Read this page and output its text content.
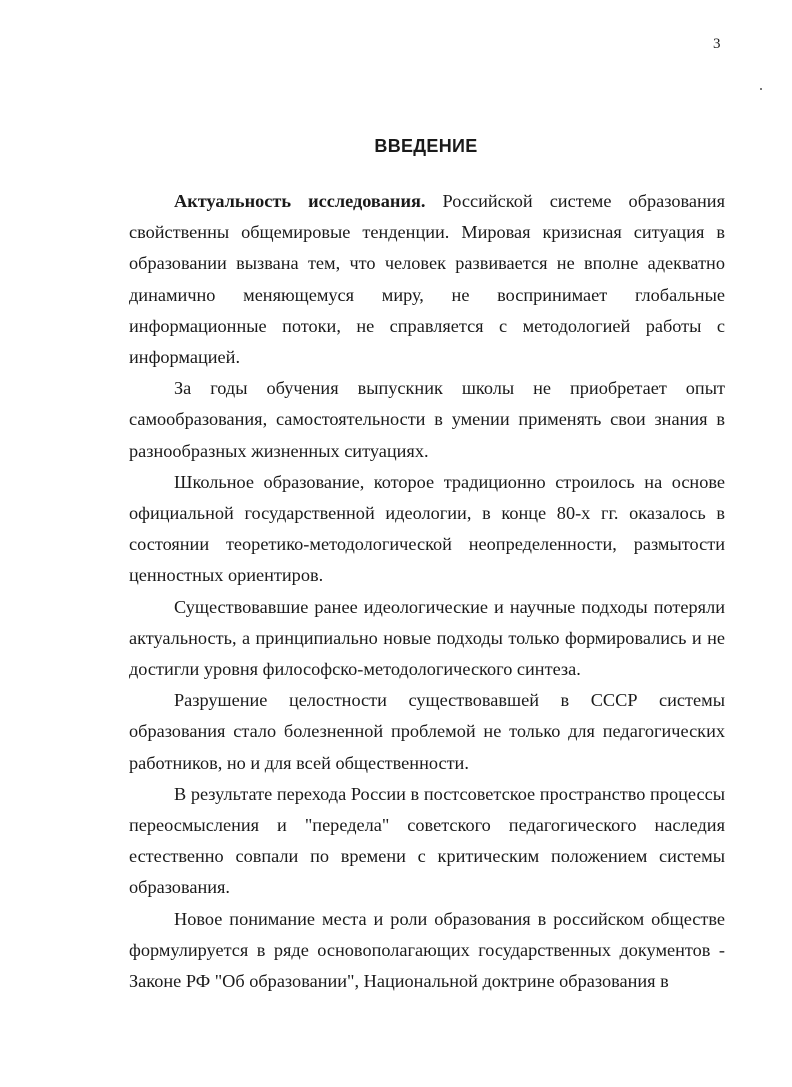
3
ВВЕДЕНИЕ

Актуальность исследования. Российской системе образования свойственны общемировые тенденции. Мировая кризисная ситуация в образовании вызвана тем, что человек развивается не вполне адекватно динамично меняющемуся миру, не воспринимает глобальные информационные потоки, не справляется с методологией работы с информацией.

За годы обучения выпускник школы не приобретает опыт самообразования, самостоятельности в умении применять свои знания в разнообразных жизненных ситуациях.

Школьное образование, которое традиционно строилось на основе официальной государственной идеологии, в конце 80-х гг. оказалось в состоянии теоретико-методологической неопределенности, размытости ценностных ориентиров.

Существовавшие ранее идеологические и научные подходы потеряли актуальность, а принципиально новые подходы только формировались и не достигли уровня философско-методологического синтеза.

Разрушение целостности существовавшей в СССР системы образования стало болезненной проблемой не только для педагогических работников, но и для всей общественности.

В результате перехода России в постсоветское пространство процессы переосмысления и "передела" советского педагогического наследия естественно совпали по времени с критическим положением системы образования.

Новое понимание места и роли образования в российском обществе формулируется в ряде основополагающих государственных документов - Законе РФ "Об образовании", Национальной доктрине образования в
